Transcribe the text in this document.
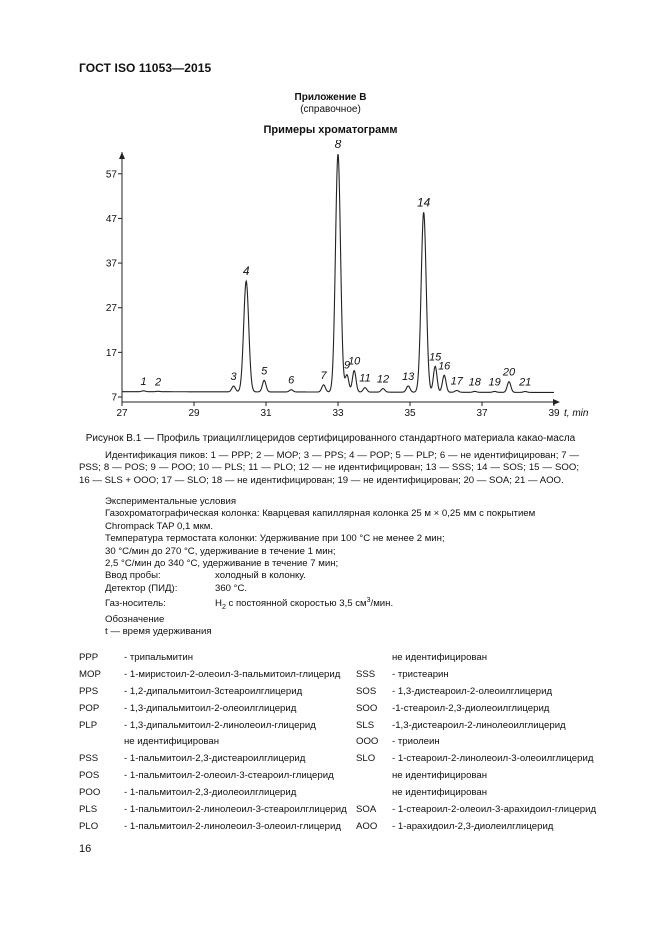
ГОСТ ISO 11053—2015
Приложение В
(справочное)
Примеры хроматограмм
27	29	31	33	35	37	39 t, min
7
17
27
37
47
57
1 2	3
4
5
6 7
8
9
10
11 12 13
14
15
16
17 18 19
20
21
Рисунок В.1 — Профиль триацилглицеридов сертифицированного стандартного материала какао-масла
Идентификация пиков: 1 — PPP; 2 — МОР; 3 — PPS; 4 — POP; 5 — PLP; 6 — не идентифицирован; 7 — PSS; 8 — POS; 9 — POO; 10 — PLS; 11 — PLO; 12 — не идентифицирован; 13 — SSS; 14 — SOS; 15 — SOO; 16 — SLS + OOO; 17 — SLO; 18 — не идентифицирован; 19 — не идентифицирован; 20 — SOA; 21 — AOO.

Экспериментальные условия

Газохроматографическая колонка: Кварцевая капиллярная колонка 25 м × 0,25 мм с покрытием Chromрack TAP 0,1 мкм.

Температура термостата колонки: Удерживание при 100 °С не менее 2 мин;

30 °С/мин до 270 °С, удерживание в течение 1 мин;

2,5 °С/мин до 340 °С, удерживание в течение 7 мин;

Ввод пробы:	холодный в колонку.

Детектор (ПИД):	360 °С.

Газ-носитель:	$H_2$ с постоянной скоростью 3,5 $см^3$/мин.

Обозначение
t — время удерживания
PPP	- трипальмитин		не идентифицирован
MOP	- 1-миристоил-2-олеоил-3-пальмитоил-глицерид	SSS	- тристеарин
PPS	- 1,2-дипальмитоил-3стеароилглицерид	SOS	- 1,3-дистеароил-2-олеоилглицерид
POP	- 1,3-дипальмитоил-2-олеоилглицерид	SOO	-1-стеароил-2,3-диолеоилглицерид
PLP	- 1,3-дипальмитоил-2-линолеоил-глицерид	SLS	-1,3-дистеароил-2-линолеоилглицерид
	не идентифицирован	OOO	- триолеин
PSS	- 1-пальмитоил-2,3-дистеароилглицерид	SLO	- 1-стеароил-2-линолеоил-3-олеоилглицерид
POS	- 1-пальмитоил-2-олеоил-3-стеароил-глицерид		не идентифицирован
POO	- 1-пальмитоил-2,3-диолеоилглицерид		не идентифицирован
PLS	- 1-пальмитоил-2-линолеоил-3-стеароилглицерид	SOA	- 1-стеароил-2-олеоил-3-арахидоил-глицерид
PLO	- 1-пальмитоил-2-линолеоил-3-олеоил-глицерид	AOO	- 1-арахидоил-2,3-диолеилглицерид
16
